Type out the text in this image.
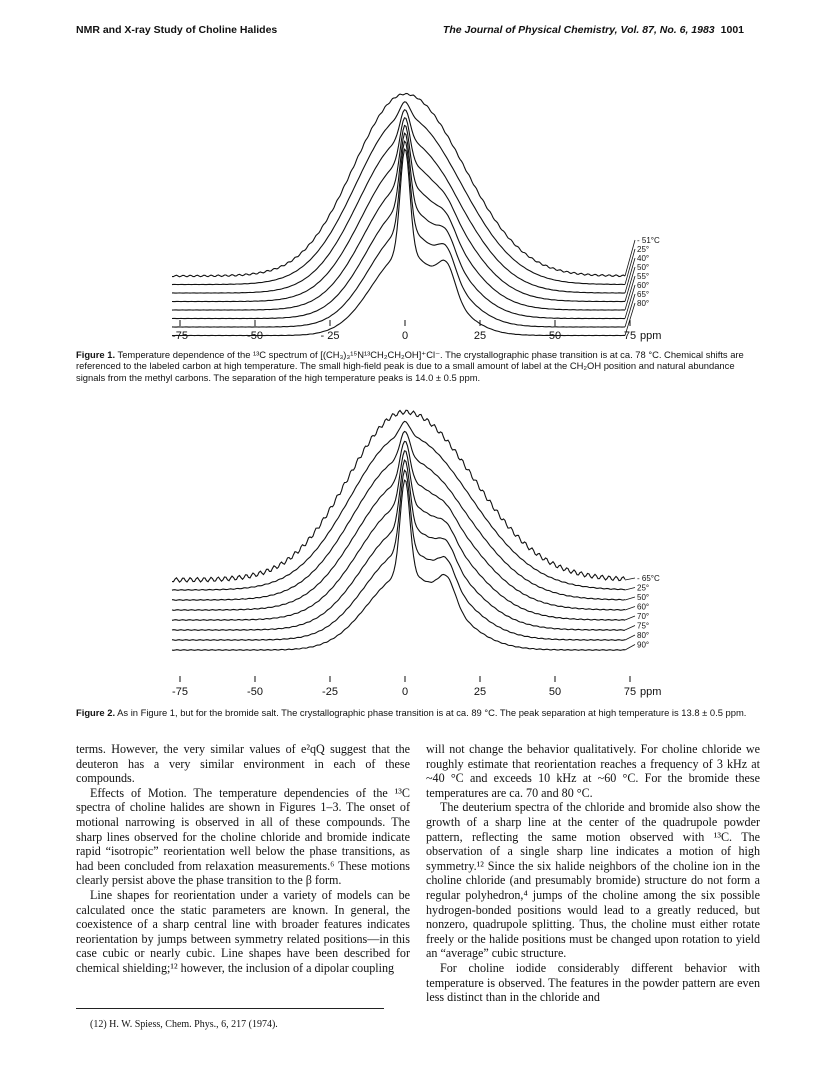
NMR and X-ray Study of Choline Halides	The Journal of Physical Chemistry, Vol. 87, No. 6, 1983 1001
- 51°C
25°
40°
50°
55°
60°
65°
80°
-75	-50	- 25	0	25	50	75 ppm
Figure 1. Temperature dependence of the ¹³C spectrum of [(CH₃)₃¹⁵N¹³CH₂CH₂OH]⁺Cl⁻. The crystallographic phase transition is at ca. 78 °C. Chemical shifts are referenced to the labeled carbon at high temperature. The small high-field peak is due to a small amount of label at the CH₂OH position and natural abundance signals from the methyl carbons. The separation of the high temperature peaks is 14.0 ± 0.5 ppm.
- 65°C
25°
50°
60°
70°
75°
80°
90°
-75	-50	-25	0	25	50	75 ppm
Figure 2. As in Figure 1, but for the bromide salt. The crystallographic phase transition is at ca. 89 °C. The peak separation at high temperature is 13.8 ± 0.5 ppm.

terms. However, the very similar values of e²qQ suggest that the deuteron has a very similar environment in each of these compounds.

Effects of Motion. The temperature dependencies of the ¹³C spectra of choline halides are shown in Figures 1–3. The onset of motional narrowing is observed in all of these compounds. The sharp lines observed for the choline chloride and bromide indicate rapid “isotropic” reorientation well below the phase transitions, as had been concluded from relaxation measurements.⁶ These motions clearly persist above the phase transition to the β form.

Line shapes for reorientation under a variety of models can be calculated once the static parameters are known. In general, the coexistence of a sharp central line with broader features indicates reorientation by jumps between symmetry related positions—in this case cubic or nearly cubic. Line shapes have been described for chemical shielding;¹² however, the inclusion of a dipolar coupling

will not change the behavior qualitatively. For choline chloride we roughly estimate that reorientation reaches a frequency of 3 kHz at ~40 °C and exceeds 10 kHz at ~60 °C. For the bromide these temperatures are ca. 70 and 80 °C.

The deuterium spectra of the chloride and bromide also show the growth of a sharp line at the center of the quadrupole powder pattern, reflecting the same motion observed with ¹³C. The observation of a single sharp line indicates a motion of high symmetry.¹² Since the six halide neighbors of the choline ion in the choline chloride (and presumably bromide) structure do not form a regular polyhedron,⁴ jumps of the choline among the six possible hydrogen-bonded positions would lead to a greatly reduced, but nonzero, quadrupole splitting. Thus, the choline must either rotate freely or the halide positions must be changed upon rotation to yield an “average” cubic structure.

For choline iodide considerably different behavior with temperature is observed. The features in the powder pattern are even less distinct than in the chloride and

(12) H. W. Spiess, Chem. Phys., 6, 217 (1974).
